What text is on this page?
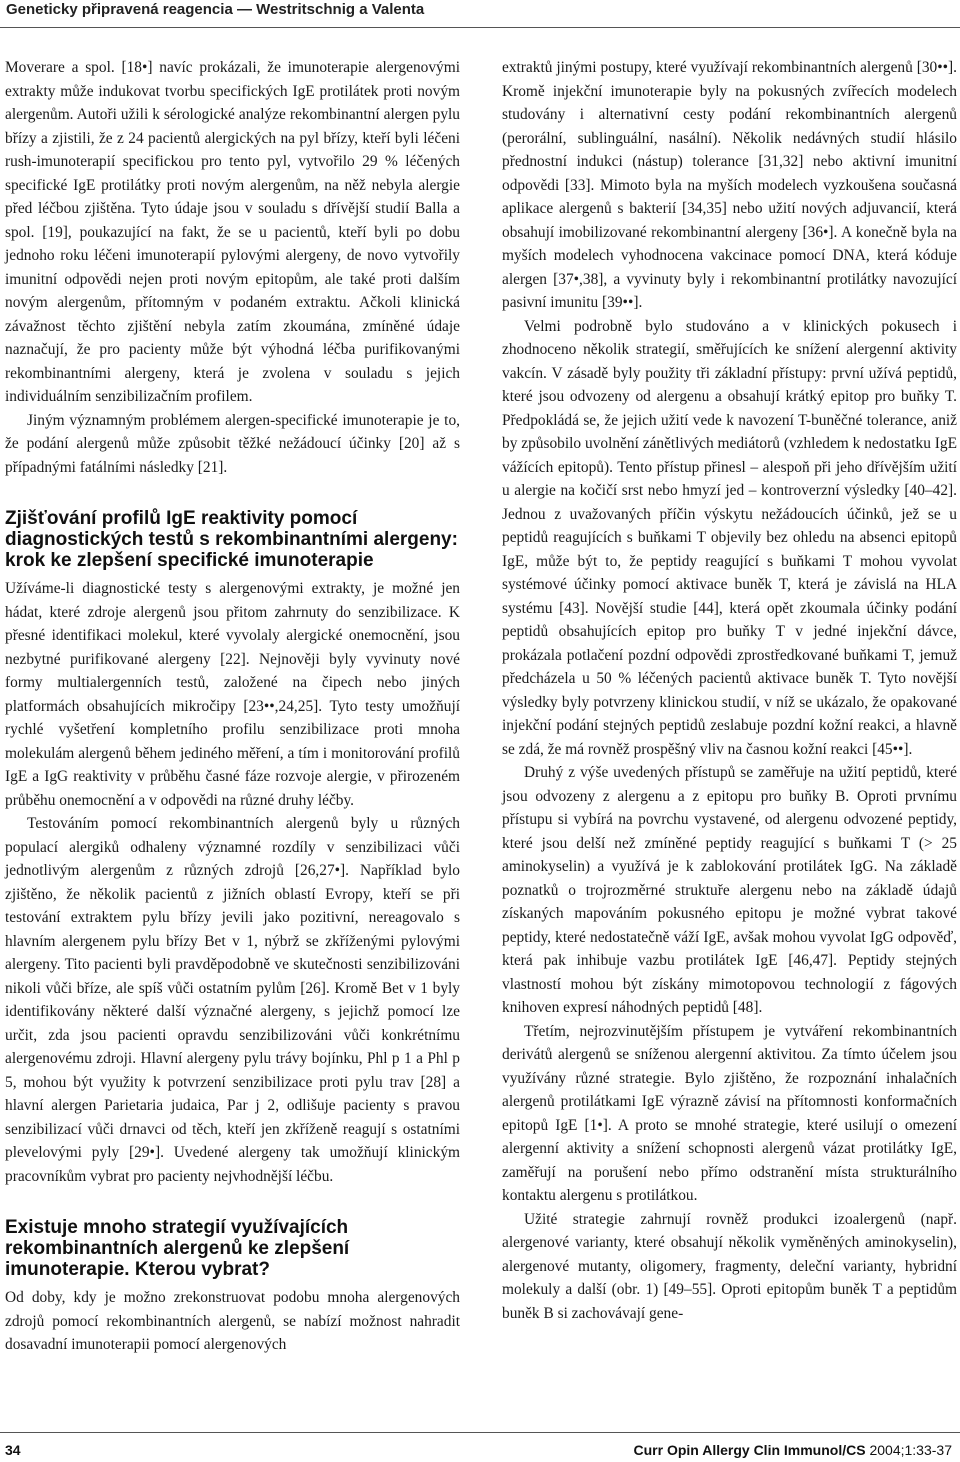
Geneticky připravená reagencia — Westritschnig a Valenta

Moverare a spol. [18•] navíc prokázali, že imunoterapie alergenovými extrakty může indukovat tvorbu specifických IgE protilátek proti novým alergenům. Autoři užili k sérologické analýze rekombinantní alergen pylu břízy a zjistili, že z 24 pacientů alergických na pyl břízy, kteří byli léčeni rush-imunoterapií specifickou pro tento pyl, vytvořilo 29 % léčených specifické IgE protilátky proti novým alergenům, na něž nebyla alergie před léčbou zjištěna. Tyto údaje jsou v souladu s dřívější studií Balla a spol. [19], poukazující na fakt, že se u pacientů, kteří byli po dobu jednoho roku léčeni imunoterapií pylovými alergeny, de novo vytvořily imunitní odpovědi nejen proti novým epitopům, ale také proti dalším novým alergenům, přítomným v podaném extraktu. Ačkoli klinická závažnost těchto zjištění nebyla zatím zkoumána, zmíněné údaje naznačují, že pro pacienty může být výhodná léčba purifikovanými rekombinantními alergeny, která je zvolena v souladu s jejich individuálním senzibilizačním profilem.

Jiným významným problémem alergen-specifické imunoterapie je to, že podání alergenů může způsobit těžké nežádoucí účinky [20] až s případnými fatálními následky [21].

Zjišťování profilů IgE reaktivity pomocí diagnostických testů s rekombinantními alergeny: krok ke zlepšení specifické imunoterapie

Užíváme-li diagnostické testy s alergenovými extrakty, je možné jen hádat, které zdroje alergenů jsou přitom zahrnuty do senzibilizace. K přesné identifikaci molekul, které vyvolaly alergické onemocnění, jsou nezbytné purifikované alergeny [22]. Nejnověji byly vyvinuty nové formy multialergenních testů, založené na čipech nebo jiných platformách obsahujících mikročipy [23••,24,25]. Tyto testy umožňují rychlé vyšetření kompletního profilu senzibilizace proti mnoha molekulám alergenů během jediného měření, a tím i monitorování profilů IgE a IgG reaktivity v průběhu časné fáze rozvoje alergie, v přirozeném průběhu onemocnění a v odpovědi na různé druhy léčby.

Testováním pomocí rekombinantních alergenů byly u různých populací alergiků odhaleny významné rozdíly v senzibilizaci vůči jednotlivým alergenům z různých zdrojů [26,27•]. Například bylo zjištěno, že několik pacientů z jižních oblastí Evropy, kteří se při testování extraktem pylu břízy jevili jako pozitivní, nereagovalo s hlavním alergenem pylu břízy Bet v 1, nýbrž se zkříženými pylovými alergeny. Tito pacienti byli pravděpodobně ve skutečnosti senzibilizováni nikoli vůči bříze, ale spíš vůči ostatním pylům [26]. Kromě Bet v 1 byly identifikovány některé další význačné alergeny, s jejichž pomocí lze určit, zda jsou pacienti opravdu senzibilizováni vůči konkrétnímu alergenovému zdroji. Hlavní alergeny pylu trávy bojínku, Phl p 1 a Phl p 5, mohou být využity k potvrzení senzibilizace proti pylu trav [28] a hlavní alergen Parietaria judaica, Par j 2, odlišuje pacienty s pravou senzibilizací vůči drnavci od těch, kteří jen zkříženě reagují s ostatními plevelovými pyly [29•]. Uvedené alergeny tak umožňují klinickým pracovníkům vybrat pro pacienty nejvhodnější léčbu.

Existuje mnoho strategií využívajících rekombinantních alergenů ke zlepšení imunoterapie. Kterou vybrat?

Od doby, kdy je možno zrekonstruovat podobu mnoha alergenových zdrojů pomocí rekombinantních alergenů, se nabízí možnost nahradit dosavadní imunoterapii pomocí alergenových

extraktů jinými postupy, které využívají rekombinantních alergenů [30••]. Kromě injekční imunoterapie byly na pokusných zvířecích modelech studovány i alternativní cesty podání rekombinantních alergenů (perorální, sublinguální, nasální). Několik nedávných studií hlásilo přednostní indukci (nástup) tolerance [31,32] nebo aktivní imunitní odpovědi [33]. Mimoto byla na myších modelech vyzkoušena současná aplikace alergenů s bakterií [34,35] nebo užití nových adjuvancií, která obsahují imobilizované rekombinantní alergeny [36•]. A konečně byla na myších modelech vyhodnocena vakcinace pomocí DNA, která kóduje alergen [37•,38], a vyvinuty byly i rekombinantní protilátky navozující pasivní imunitu [39••].

Velmi podrobně bylo studováno a v klinických pokusech i zhodnoceno několik strategií, směřujících ke snížení alergenní aktivity vakcín. V zásadě byly použity tři základní přístupy: první užívá peptidů, které jsou odvozeny od alergenu a obsahují krátký epitop pro buňky T. Předpokládá se, že jejich užití vede k navození T-buněčné tolerance, aniž by způsobilo uvolnění zánětlivých mediátorů (vzhledem k nedostatku IgE vážících epitopů). Tento přístup přinesl – alespoň při jeho dřívějším užití u alergie na kočičí srst nebo hmyzí jed – kontroverzní výsledky [40–42]. Jednou z uvažovaných příčin výskytu nežádoucích účinků, jež se u peptidů reagujících s buňkami T objevily bez ohledu na absenci epitopů IgE, může být to, že peptidy reagující s buňkami T mohou vyvolat systémové účinky pomocí aktivace buněk T, která je závislá na HLA systému [43]. Novější studie [44], která opět zkoumala účinky podání peptidů obsahujících epitop pro buňky T v jedné injekční dávce, prokázala potlačení pozdní odpovědi zprostředkované buňkami T, jemuž předcházela u 50 % léčených pacientů aktivace buněk T. Tyto novější výsledky byly potvrzeny klinickou studií, v níž se ukázalo, že opakované injekční podání stejných peptidů zeslabuje pozdní kožní reakci, a hlavně se zdá, že má rovněž prospěšný vliv na časnou kožní reakci [45••].

Druhý z výše uvedených přístupů se zaměřuje na užití peptidů, které jsou odvozeny z alergenu a z epitopu pro buňky B. Oproti prvnímu přístupu si vybírá na povrchu vystavené, od alergenu odvozené peptidy, které jsou delší než zmíněné peptidy reagující s buňkami T (> 25 aminokyselin) a využívá je k zablokování protilátek IgG. Na základě poznatků o trojrozměrné struktuře alergenu nebo na základě údajů získaných mapováním pokusného epitopu je možné vybrat takové peptidy, které nedostatečně váží IgE, avšak mohou vyvolat IgG odpověď, která pak inhibuje vazbu protilátek IgE [46,47]. Peptidy stejných vlastností mohou být získány mimotopovou technologií z fágových knihoven expresí náhodných peptidů [48].

Třetím, nejrozvinutějším přístupem je vytváření rekombinantních derivátů alergenů se sníženou alergenní aktivitou. Za tímto účelem jsou využívány různé strategie. Bylo zjištěno, že rozpoznání inhalačních alergenů protilátkami IgE výrazně závisí na přítomnosti konformačních epitopů IgE [1•]. A proto se mnohé strategie, které usilují o omezení alergenní aktivity a snížení schopnosti alergenů vázat protilátky IgE, zaměřují na porušení nebo přímo odstranění místa strukturálního kontaktu alergenu s protilátkou.

Užité strategie zahrnují rovněž produkci izoalergenů (např. alergenové varianty, které obsahují několik vyměněných aminokyselin), alergenové mutanty, oligomery, fragmenty, deleční varianty, hybridní molekuly a další (obr. 1) [49–55]. Oproti epitopům buněk T a peptidům buněk B si zachovávají gene-

34	Curr Opin Allergy Clin Immunol/CS 2004;1:33-37
